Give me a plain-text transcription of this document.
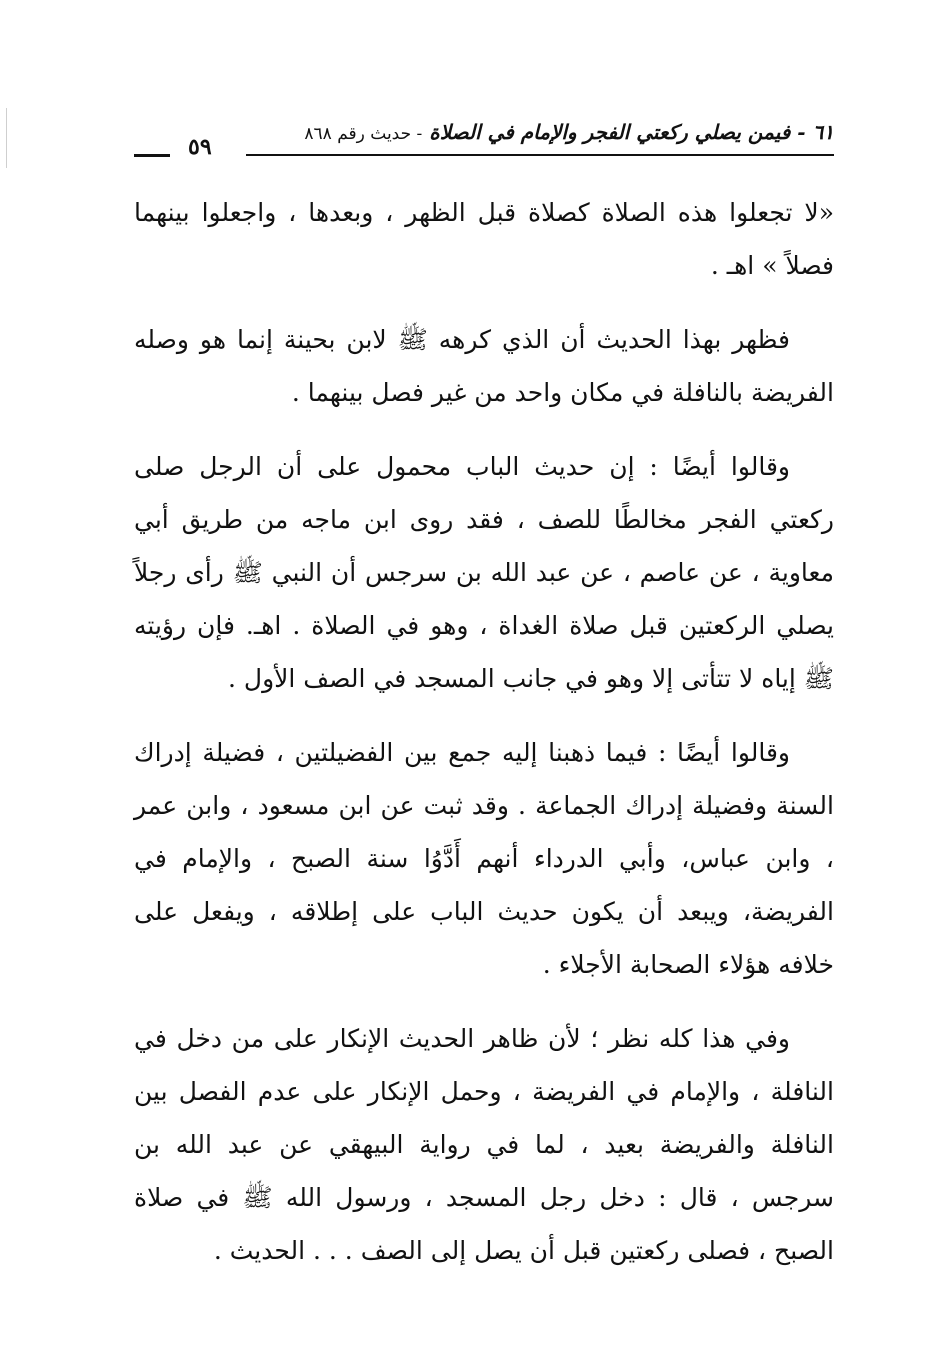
٦١ - فيمن يصلي ركعتي الفجر والإمام في الصلاة - حديث رقم ٨٦٨
٥٩

«لا تجعلوا هذه الصلاة كصلاة قبل الظهر ، وبعدها ، واجعلوا بينهما فصلاً » اهـ .

فظهر بهذا الحديث أن الذي كرهه ﷺ لابن بحينة إنما هو وصله الفريضة بالنافلة في مكان واحد من غير فصل بينهما .

وقالوا أيضًا : إن حديث الباب محمول على أن الرجل صلى ركعتي الفجر مخالطًا للصف ، فقد روى ابن ماجه من طريق أبي معاوية ، عن عاصم ، عن عبد الله بن سرجس أن النبي ﷺ رأى رجلاً يصلي الركعتين قبل صلاة الغداة ، وهو في الصلاة . اهـ. فإن رؤيته ﷺ إياه لا تتأتى إلا وهو في جانب المسجد في الصف الأول .

وقالوا أيضًا : فيما ذهبنا إليه جمع بين الفضيلتين ، فضيلة إدراك السنة وفضيلة إدراك الجماعة . وقد ثبت عن ابن مسعود ، وابن عمر ، وابن عباس، وأبي الدرداء أنهم أَدَّوُا سنة الصبح ، والإمام في الفريضة، ويبعد أن يكون حديث الباب على إطلاقه ، ويفعل على خلافه هؤلاء الصحابة الأجلاء .

وفي هذا كله نظر ؛ لأن ظاهر الحديث الإنكار على من دخل في النافلة ، والإمام في الفريضة ، وحمل الإنكار على عدم الفصل بين النافلة والفريضة بعيد ، لما في رواية البيهقي عن عبد الله بن سرجس ، قال : دخل رجل المسجد ، ورسول الله ﷺ في صلاة الصبح ، فصلى ركعتين قبل أن يصل إلى الصف . . . الحديث .
